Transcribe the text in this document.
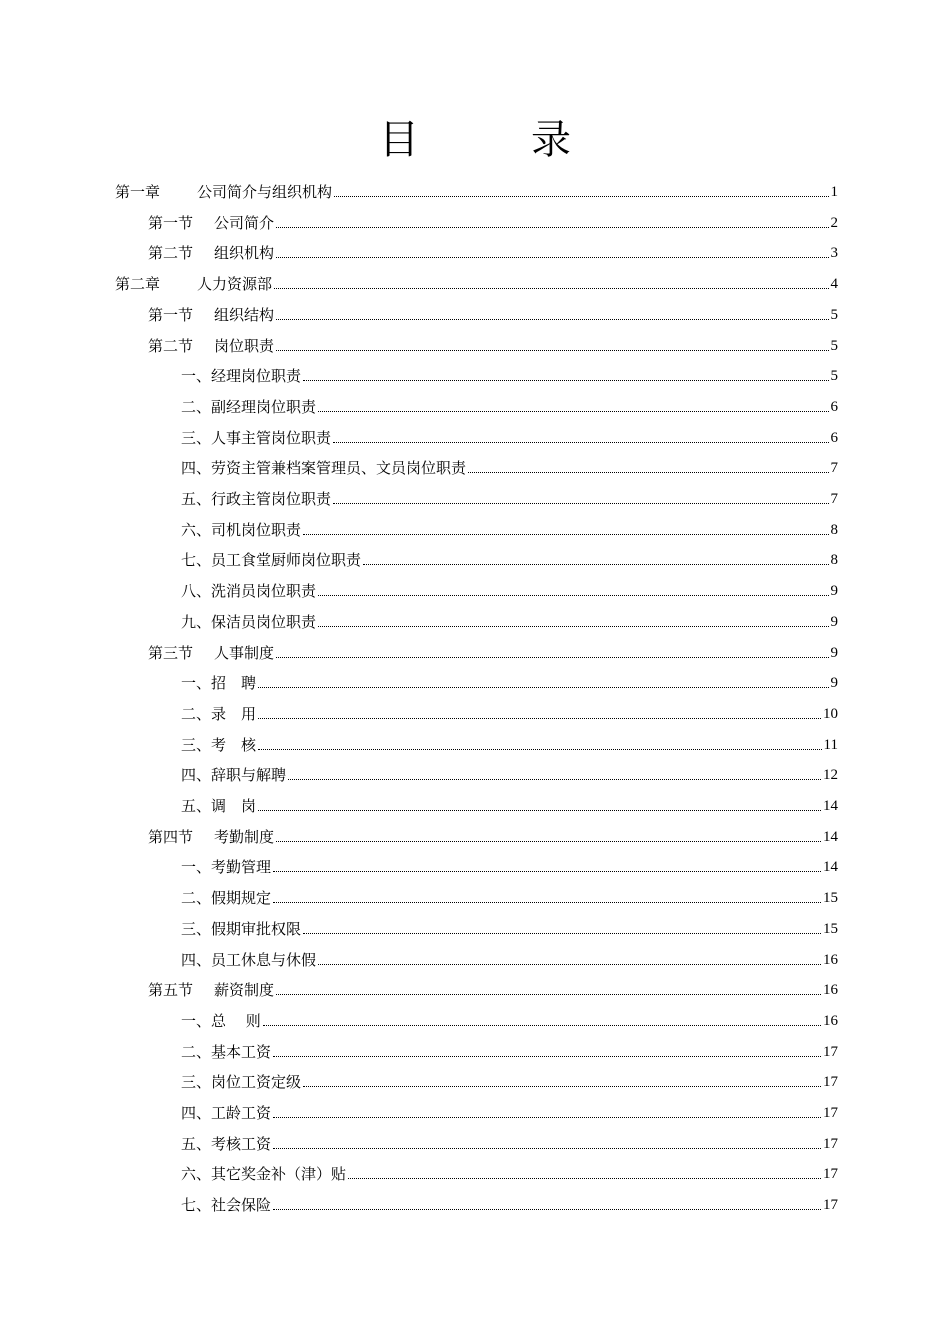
目　录
第一章 公司简介与组织机构	1
第一节 公司简介	2
第二节 组织机构	3
第二章 人力资源部	4
第一节 组织结构	5
第二节 岗位职责	5
一、经理岗位职责	5
二、副经理岗位职责	6
三、人事主管岗位职责	6
四、劳资主管兼档案管理员、文员岗位职责	7
五、行政主管岗位职责	7
六、司机岗位职责	8
七、员工食堂厨师岗位职责	8
八、洗消员岗位职责	9
九、保洁员岗位职责	9
第三节 人事制度	9
一、招　聘	9
二、录　用	10
三、考　核	11
四、辞职与解聘	12
五、调　岗	14
第四节 考勤制度	14
一、考勤管理	14
二、假期规定	15
三、假期审批权限	15
四、员工休息与休假	16
第五节 薪资制度	16
一、总　 则	16
二、基本工资	17
三、岗位工资定级	17
四、工龄工资	17
五、考核工资	17
六、其它奖金补（津）贴	17
七、社会保险	17
